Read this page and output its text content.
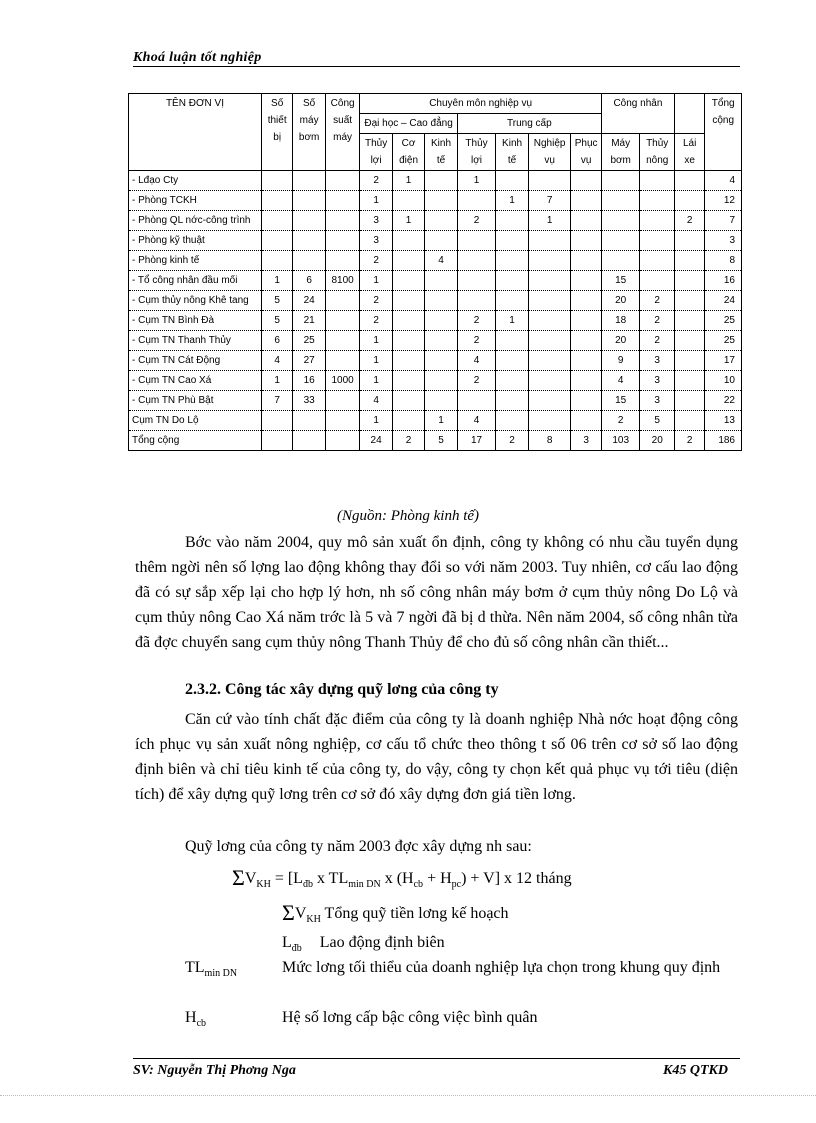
Khoá luận tốt nghiệp
TÊN ĐƠN VỊ	Số thiết bị	Số máy bơm	Công suất máy	Chuyên môn nghiệp vụ							Công nhân			Tổng cộng
				Đại học – Cao đẳng			Trung cấp							
				Thủy lợi	Cơ điện	Kinh tế	Thủy lợi	Kinh tế	Nghiệp vụ	Phục vụ	Máy bơm	Thủy nông	Lái xe	
- Lđạo Cty				2	1		1							4
- Phòng TCKH				1				1	7					12
- Phòng QL nớc-công trình				3	1		2		1				2	7
- Phòng kỹ thuật				3										3
- Phòng kinh tế				2		4								8
- Tổ công nhân đầu mối	1	6	8100	1							15			16
- Cụm thủy nông Khê tang	5	24		2							20	2		24
- Cụm TN Bình Đà	5	21		2			2	1			18	2		25
- Cụm TN Thanh Thủy	6	25		1			2				20	2		25
- Cụm TN Cát Động	4	27		1			4				9	3		17
- Cụm TN Cao Xá	1	16	1000	1			2				4	3		10
- Cụm TN Phù Bật	7	33		4							15	3		22
Cụm TN Do Lộ				1		1	4				2	5		13
Tổng cộng				24	2	5	17	2	8	3	103	20	2	186
(Nguồn: Phòng kinh tế)
Bớc vào năm 2004, quy mô sản xuất ổn định, công ty không có nhu cầu tuyển dụng thêm ngời nên số lợng lao động không thay đổi so với năm 2003. Tuy nhiên, cơ cấu lao động đã có sự sắp xếp lại cho hợp lý hơn, nh số công nhân máy bơm ở cụm thủy nông Do Lộ và cụm thủy nông Cao Xá năm trớc là 5 và 7 ngời đã bị d thừa. Nên năm 2004, số công nhân từa đã đợc chuyển sang cụm thủy nông Thanh Thủy để cho đủ số công nhân cần thiết...
2.3.2. Công tác xây dựng quỹ lơng của công ty
Căn cứ vào tính chất đặc điểm của công ty là doanh nghiệp Nhà nớc hoạt động công ích phục vụ sản xuất nông nghiệp, cơ cấu tổ chức theo thông t số 06 trên cơ sở số lao động định biên và chỉ tiêu kinh tế của công ty, do vậy, công ty chọn kết quả phục vụ tới tiêu (diện tích) để xây dựng quỹ lơng trên cơ sở đó xây dựng đơn giá tiền lơng.
Quỹ lơng của công ty năm 2003 đợc xây dựng nh sau:
$\Sigma V_{KH} = [L_{đb}$ x $TL_{min DN}$ x $(H_{cb} + H_{pc}) + V$] x 12 tháng
$\Sigma V_{KH}$ Tổng quỹ tiền lơng kế hoạch
$L_{đb}$ Lao động định biên
$TL_{min DN}$	Mức lơng tối thiểu của doanh nghiệp lựa chọn trong khung quy định
$H_{cb}$	Hệ số lơng cấp bậc công việc bình quân
SV: Nguyễn Thị Phơng Nga	K45 QTKD
